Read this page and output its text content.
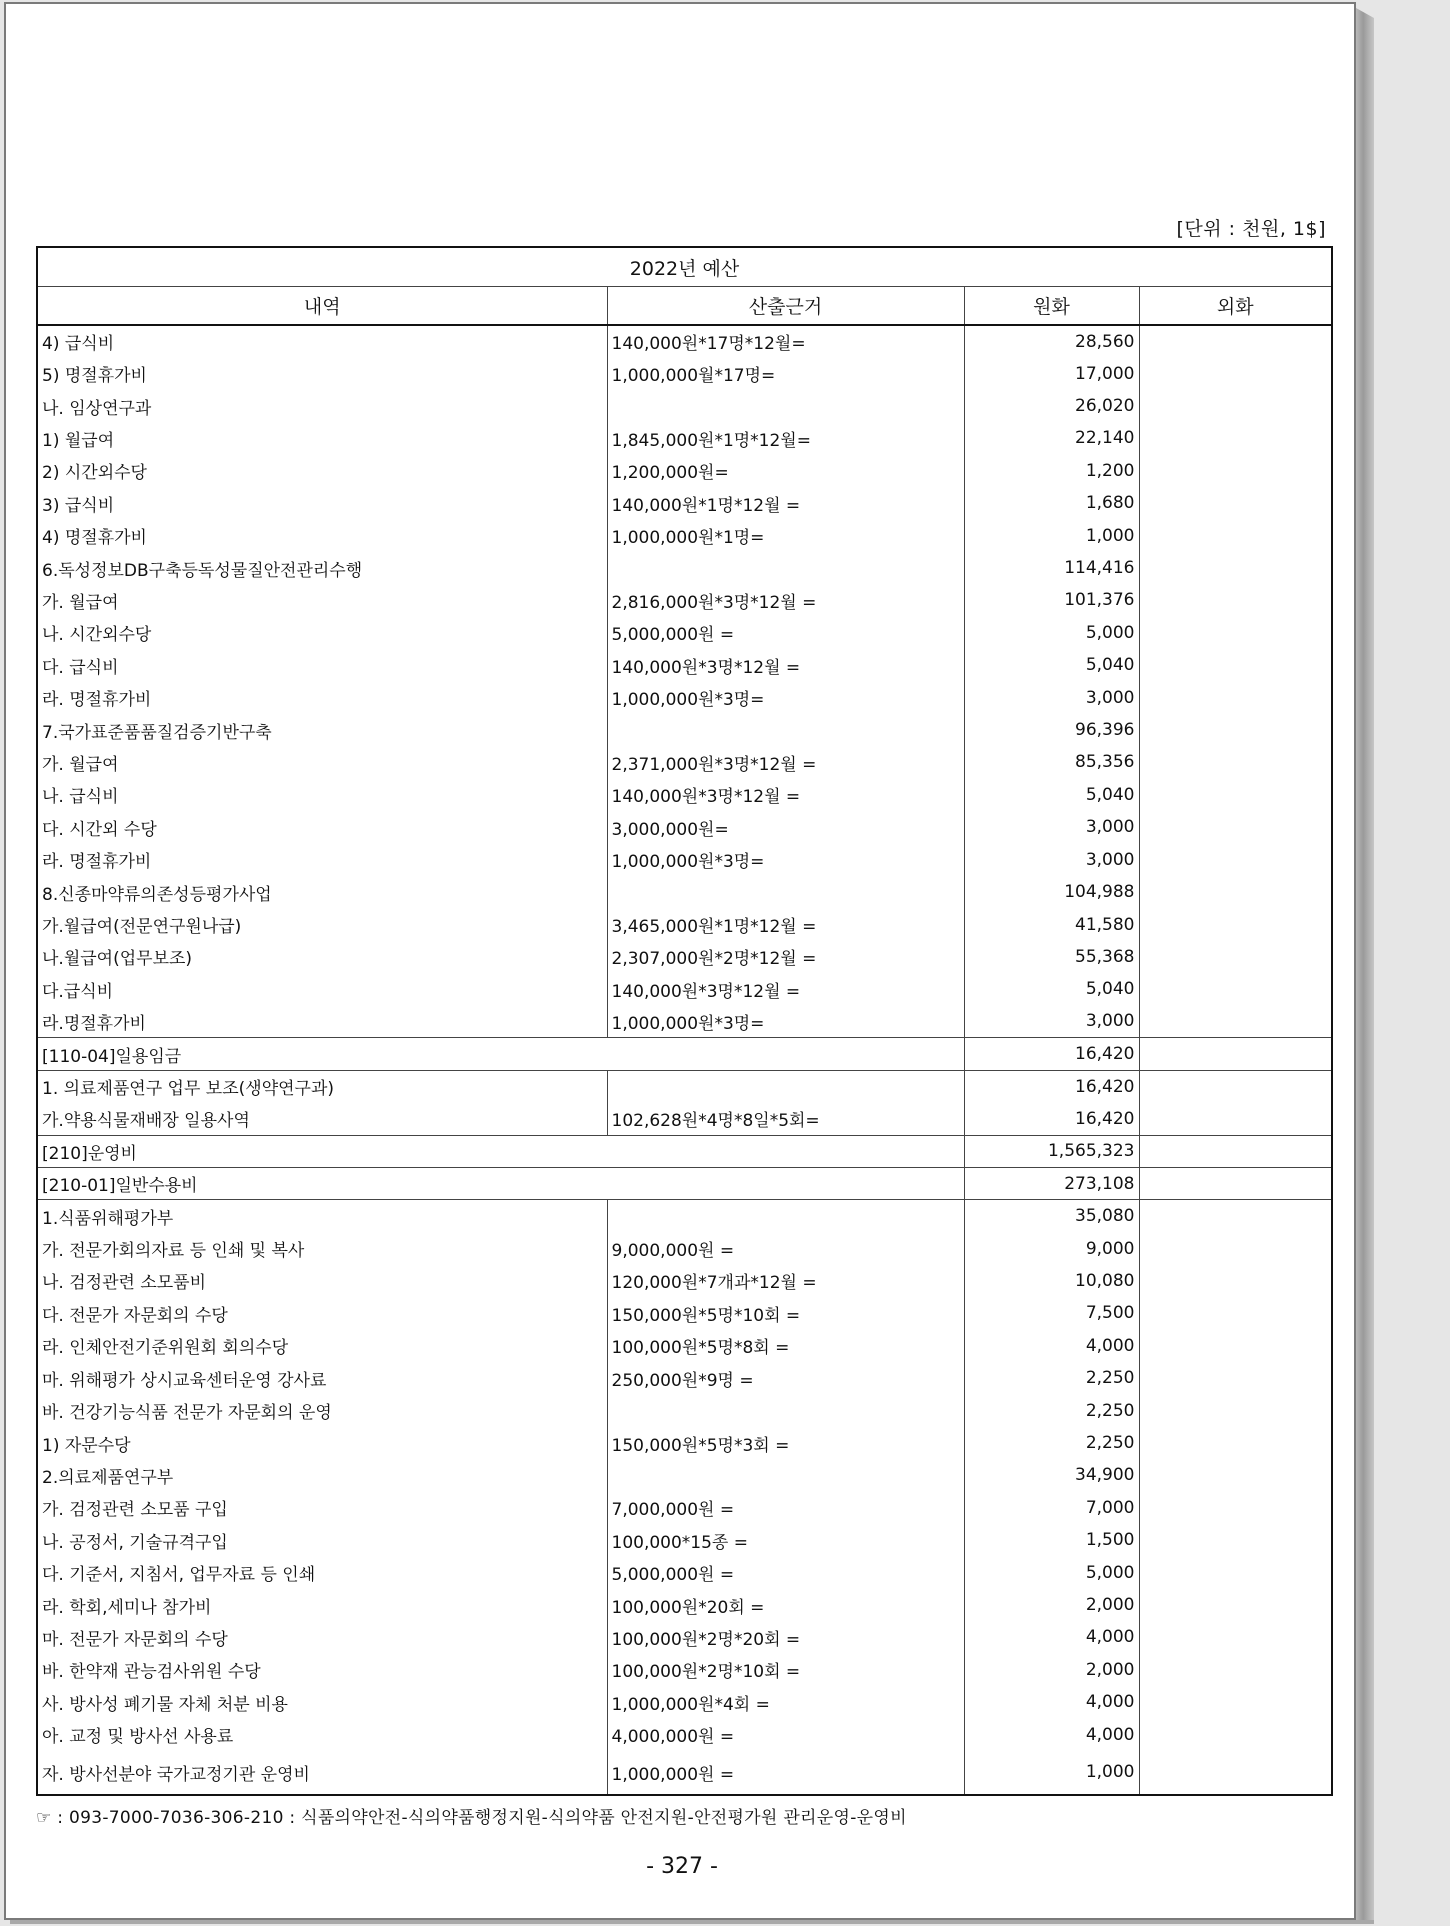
[단위 : 천원, 1$]
2022년 예산			
내역	산출근거	원화	외화
4) 급식비	140,000원*17명*12월=	28,560	
5) 명절휴가비	1,000,000월*17명=	17,000	
나. 임상연구과		26,020	
1) 월급여	1,845,000원*1명*12월=	22,140	
2) 시간외수당	1,200,000원=	1,200	
3) 급식비	140,000원*1명*12월 =	1,680	
4) 명절휴가비	1,000,000원*1명=	1,000	
6.독성정보DB구축등독성물질안전관리수행		114,416	
가. 월급여	2,816,000원*3명*12월 =	101,376	
나. 시간외수당	5,000,000원 =	5,000	
다. 급식비	140,000원*3명*12월 =	5,040	
라. 명절휴가비	1,000,000원*3명=	3,000	
7.국가표준품품질검증기반구축		96,396	
가. 월급여	2,371,000원*3명*12월 =	85,356	
나. 급식비	140,000원*3명*12월 =	5,040	
다. 시간외 수당	3,000,000원=	3,000	
라. 명절휴가비	1,000,000원*3명=	3,000	
8.신종마약류의존성등평가사업		104,988	
가.월급여(전문연구원나급)	3,465,000원*1명*12월 =	41,580	
나.월급여(업무보조)	2,307,000원*2명*12월 =	55,368	
다.급식비	140,000원*3명*12월 =	5,040	
라.명절휴가비	1,000,000원*3명=	3,000	
[110-04]일용임금		16,420	
1. 의료제품연구 업무 보조(생약연구과)		16,420	
가.약용식물재배장 일용사역	102,628원*4명*8일*5회=	16,420	
[210]운영비		1,565,323	
[210-01]일반수용비		273,108	
1.식품위해평가부		35,080	
가. 전문가회의자료 등 인쇄 및 복사	9,000,000원 =	9,000	
나. 검정관련 소모품비	120,000원*7개과*12월 =	10,080	
다. 전문가 자문회의 수당	150,000원*5명*10회 =	7,500	
라. 인체안전기준위원회 회의수당	100,000원*5명*8회 =	4,000	
마. 위해평가 상시교육센터운영 강사료	250,000원*9명 =	2,250	
바. 건강기능식품 전문가 자문회의 운영		2,250	
1) 자문수당	150,000원*5명*3회 =	2,250	
2.의료제품연구부		34,900	
가. 검정관련 소모품 구입	7,000,000원 =	7,000	
나. 공정서, 기술규격구입	100,000*15종 =	1,500	
다. 기준서, 지침서, 업무자료 등 인쇄	5,000,000원 =	5,000	
라. 학회,세미나 참가비	100,000원*20회 =	2,000	
마. 전문가 자문회의 수당	100,000원*2명*20회 =	4,000	
바. 한약재 관능검사위원 수당	100,000원*2명*10회 =	2,000	
사. 방사성 폐기물 자체 처분 비용	1,000,000원*4회 =	4,000	
아. 교정 및 방사선 사용료	4,000,000원 =	4,000	
자. 방사선분야 국가교정기관 운영비	1,000,000원 =	1,000	
☞ : 093-7000-7036-306-210 : 식품의약안전-식의약품행정지원-식의약품 안전지원-안전평가원 관리운영-운영비
- 327 -
